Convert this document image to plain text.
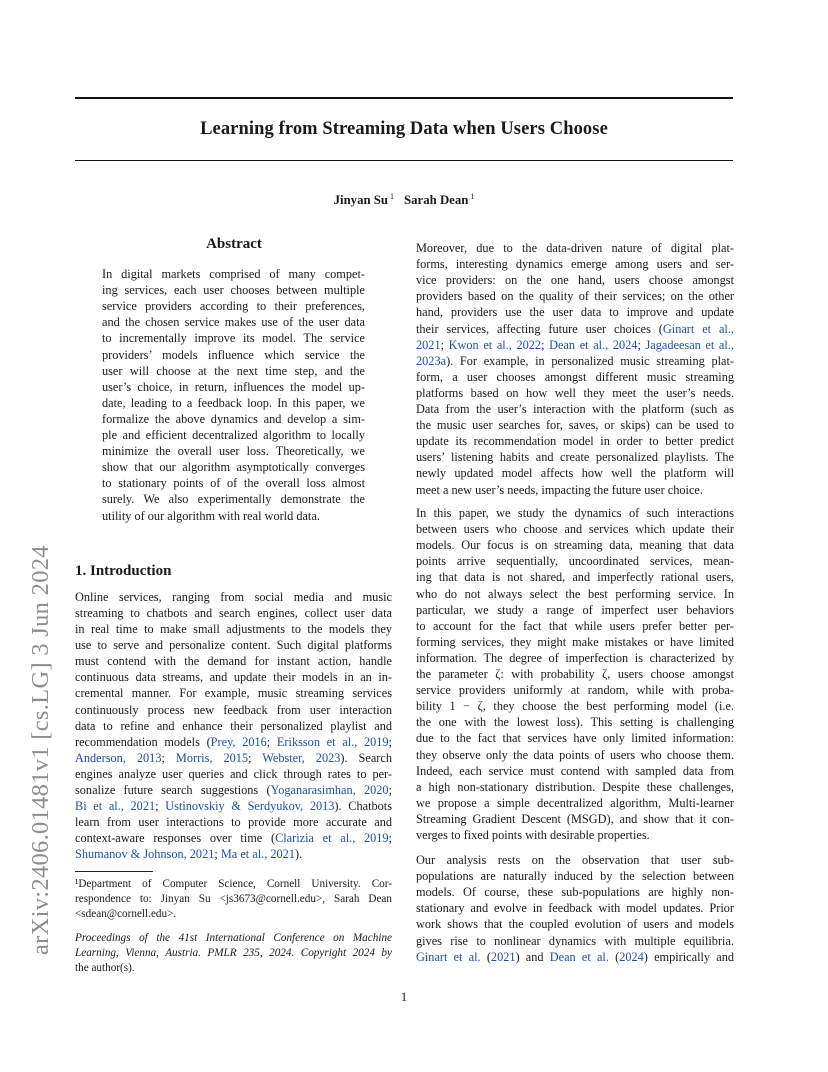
Learning from Streaming Data when Users Choose
Jinyan Su $^1$ Sarah Dean $^1$
arXiv:2406.01481v1 [cs.LG] 3 Jun 2024
Abstract
In digital markets comprised of many compet-
ing services, each user chooses between multiple
service providers according to their preferences,
and the chosen service makes use of the user data
to incrementally improve its model. The service
providers’ models influence which service the
user will choose at the next time step, and the
user’s choice, in return, influences the model up-
date, leading to a feedback loop. In this paper, we
formalize the above dynamics and develop a sim-
ple and efficient decentralized algorithm to locally
minimize the overall user loss. Theoretically, we
show that our algorithm asymptotically converges
to stationary points of of the overall loss almost
surely. We also experimentally demonstrate the
utility of our algorithm with real world data.
1. Introduction
Online services, ranging from social media and music
streaming to chatbots and search engines, collect user data
in real time to make small adjustments to the models they
use to serve and personalize content. Such digital platforms
must contend with the demand for instant action, handle
continuous data streams, and update their models in an in-
cremental manner. For example, music streaming services
continuously process new feedback from user interaction
data to refine and enhance their personalized playlist and
recommendation models (Prey, 2016; Eriksson et al., 2019;
Anderson, 2013; Morris, 2015; Webster, 2023). Search
engines analyze user queries and click through rates to per-
sonalize future search suggestions (Yoganarasimhan, 2020;
Bi et al., 2021; Ustinovskiy & Serdyukov, 2013). Chatbots
learn from user interactions to provide more accurate and
context-aware responses over time (Clarizia et al., 2019;
Shumanov & Johnson, 2021; Ma et al., 2021).
¹Department of Computer Science, Cornell University. Cor-
respondence to: Jinyan Su <js3673@cornell.edu>, Sarah Dean
<sdean@cornell.edu>.
Proceedings of the 41st International Conference on Machine
Learning, Vienna, Austria. PMLR 235, 2024. Copyright 2024 by
the author(s).
Moreover, due to the data-driven nature of digital plat-
forms, interesting dynamics emerge among users and ser-
vice providers: on the one hand, users choose amongst
providers based on the quality of their services; on the other
hand, providers use the user data to improve and update
their services, affecting future user choices (Ginart et al.,
2021; Kwon et al., 2022; Dean et al., 2024; Jagadeesan et al.,
2023a). For example, in personalized music streaming plat-
form, a user chooses amongst different music streaming
platforms based on how well they meet the user’s needs.
Data from the user’s interaction with the platform (such as
the music user searches for, saves, or skips) can be used to
update its recommendation model in order to better predict
users’ listening habits and create personalized playlists. The
newly updated model affects how well the platform will
meet a new user’s needs, impacting the future user choice.
In this paper, we study the dynamics of such interactions
between users who choose and services which update their
models. Our focus is on streaming data, meaning that data
points arrive sequentially, uncoordinated services, mean-
ing that data is not shared, and imperfectly rational users,
who do not always select the best performing service. In
particular, we study a range of imperfect user behaviors
to account for the fact that while users prefer better per-
forming services, they might make mistakes or have limited
information. The degree of imperfection is characterized by
the parameter ζ: with probability ζ, users choose amongst
service providers uniformly at random, while with proba-
bility 1 − ζ, they choose the best performing model (i.e.
the one with the lowest loss). This setting is challenging
due to the fact that services have only limited information:
they observe only the data points of users who choose them.
Indeed, each service must contend with sampled data from
a high non-stationary distribution. Despite these challenges,
we propose a simple decentralized algorithm, Multi-learner
Streaming Gradient Descent (MSGD), and show that it con-
verges to fixed points with desirable properties.
Our analysis rests on the observation that user sub-
populations are naturally induced by the selection between
models. Of course, these sub-populations are highly non-
stationary and evolve in feedback with model updates. Prior
work shows that the coupled evolution of users and models
gives rise to nonlinear dynamics with multiple equilibria.
Ginart et al. (2021) and Dean et al. (2024) empirically and
1
